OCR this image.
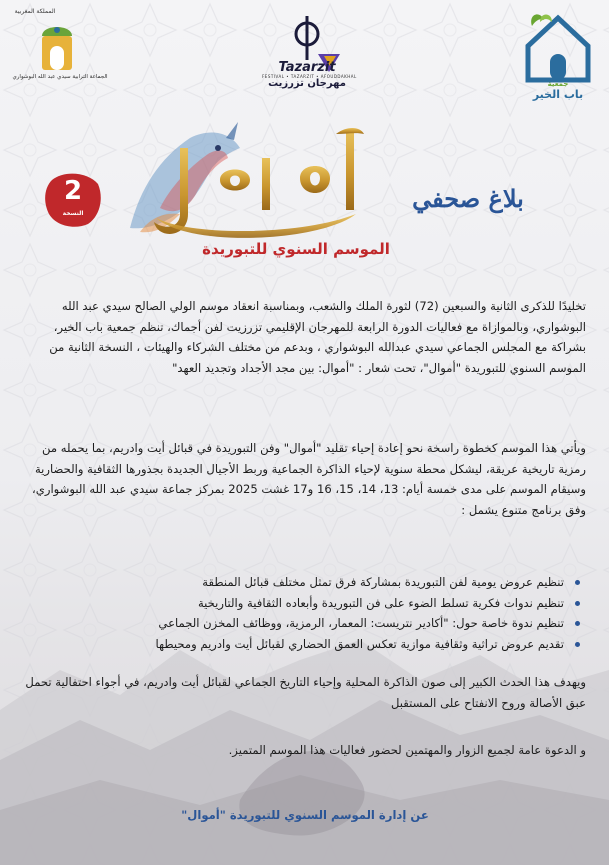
جمعية
باب الخير
Tazarzit
FESTIVAL • TAZARZIT • AFOUDDAKHAL
مهرجان تزرزيت
المملكة المغربية
الجماعة الترابية سيدي عبد الله البوشواري
2
النسخة
الموسم السنوي للتبوريدة
بلاغ صحفي

تخليدًا للذكرى الثانية والسبعين (72) لثورة الملك والشعب، وبمناسبة انعقاد موسم الولي الصالح سيدي عبد الله البوشواري، وبالموازاة مع فعاليات الدورة الرابعة للمهرجان الإقليمي تزرزيت لفن أجماك، تنظم جمعية باب الخير، بشراكة مع المجلس الجماعي سيدي عبدالله البوشواري ، وبدعم من مختلف الشركاء والهيئات ، النسخة الثانية من الموسم السنوي للتبوريدة "أموال"، تحت شعار : "أموال: بين مجد الأجداد وتجديد العهد"

ويأتي هذا الموسم كخطوة راسخة نحو إعادة إحياء تقليد "أموال" وفن التبوريدة في قبائل أيت وادريم، بما يحمله من رمزية تاريخية عريقة، ليشكل محطة سنوية لإحياء الذاكرة الجماعية وربط الأجيال الجديدة بجذورها الثقافية والحضارية وسيقام الموسم على مدى خمسة أيام: 13، 14، 15، 16 و17 غشت 2025 بمركز جماعة سيدي عبد الله البوشواري، وفق برنامج متنوع يشمل :

تنظيم عروض يومية لفن التبوريدة بمشاركة فرق تمثل مختلف قبائل المنطقة
تنظيم ندوات فكرية تسلط الضوء على فن التبوريدة وأبعاده الثقافية والتاريخية
تنظيم ندوة خاصة حول: "أكادير نتريست: المعمار، الرمزية، ووظائف المخزن الجماعي
تقديم عروض تراثية وثقافية موازية تعكس العمق الحضاري لقبائل أيت وادريم ومحيطها

ويهدف هذا الحدث الكبير إلى صون الذاكرة المحلية وإحياء التاريخ الجماعي لقبائل أيت وادريم، في أجواء احتفالية تحمل عبق الأصالة وروح الانفتاح على المستقبل

و الدعوة عامة لجميع الزوار والمهتمين لحضور فعاليات هذا الموسم المتميز.

عن إدارة الموسم السنوي للتبوريدة "أموال"
